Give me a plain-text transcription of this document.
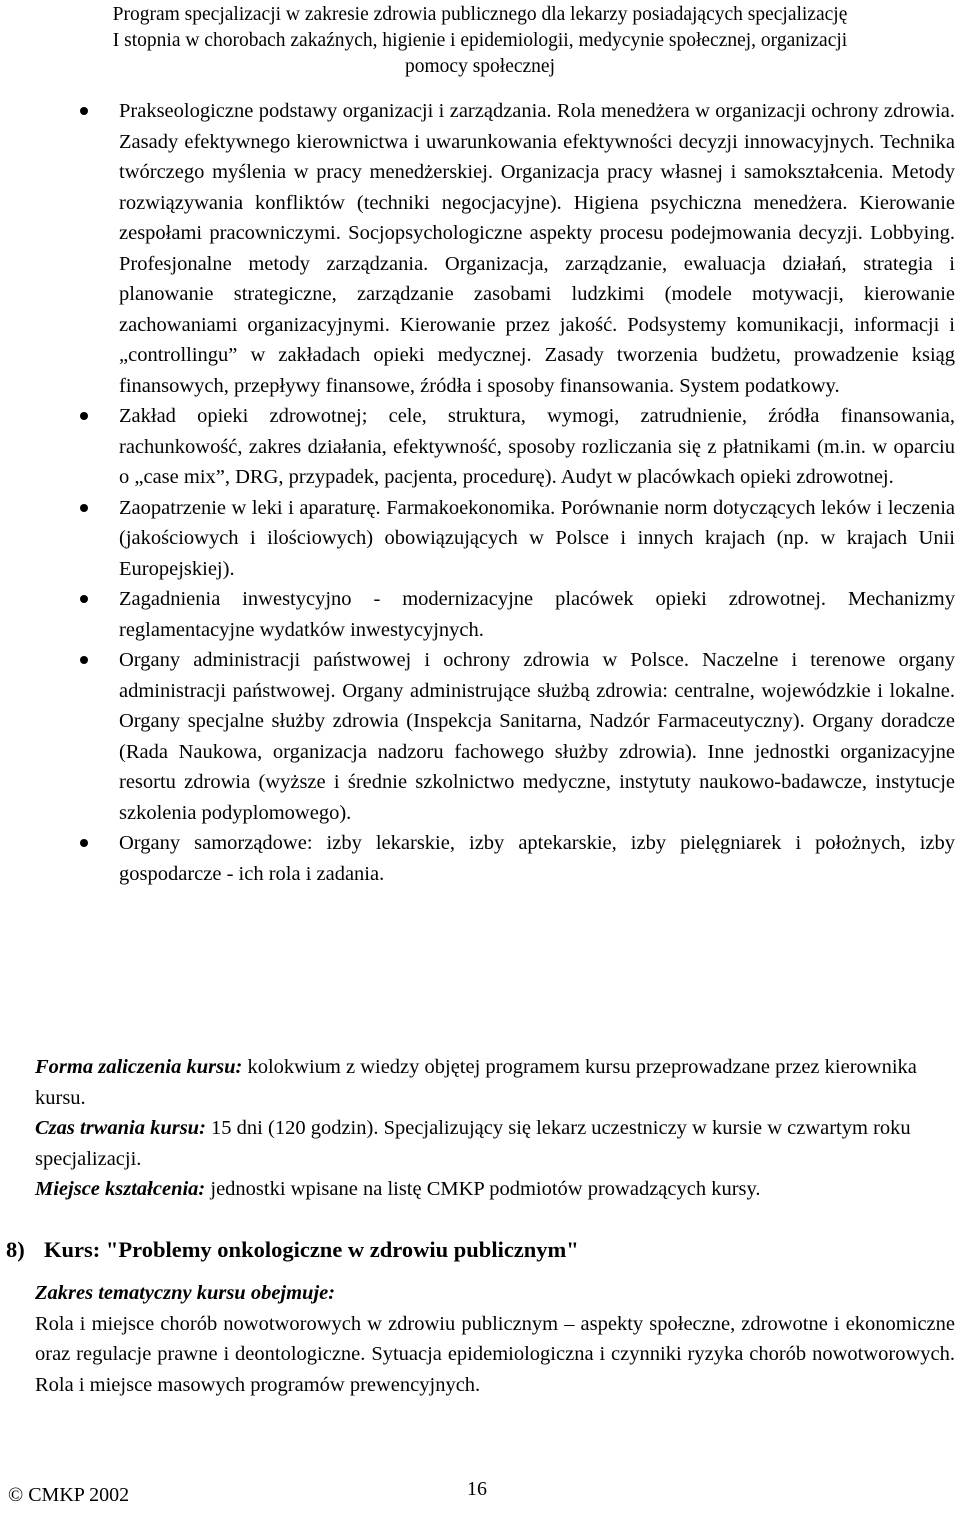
Program specjalizacji w zakresie zdrowia publicznego dla lekarzy posiadających specjalizację
I stopnia w chorobach zakaźnych, higienie i epidemiologii, medycynie społecznej, organizacji
pomocy społecznej
Prakseologiczne podstawy organizacji i zarządzania. Rola menedżera w organizacji ochrony zdrowia. Zasady efektywnego kierownictwa i uwarunkowania efektywności decyzji innowacyjnych. Technika twórczego myślenia w pracy menedżerskiej. Organizacja pracy własnej i samokształcenia. Metody rozwiązywania konfliktów (techniki negocjacyjne). Higiena psychiczna menedżera. Kierowanie zespołami pracowniczymi. Socjopsychologiczne aspekty procesu podejmowania decyzji. Lobbying. Profesjonalne metody zarządzania. Organizacja, zarządzanie, ewaluacja działań, strategia i planowanie strategiczne, zarządzanie zasobami ludzkimi (modele motywacji, kierowanie zachowaniami organizacyjnymi. Kierowanie przez jakość. Podsystemy komunikacji, informacji i „controllingu” w zakładach opieki medycznej. Zasady tworzenia budżetu, prowadzenie ksiąg finansowych, przepływy finansowe, źródła i sposoby finansowania. System podatkowy.
Zakład opieki zdrowotnej; cele, struktura, wymogi, zatrudnienie, źródła finansowania, rachunkowość, zakres działania, efektywność, sposoby rozliczania się z płatnikami (m.in. w oparciu o „case mix”, DRG, przypadek, pacjenta, procedurę). Audyt w placówkach opieki zdrowotnej.
Zaopatrzenie w leki i aparaturę. Farmakoekonomika. Porównanie norm dotyczących leków i leczenia (jakościowych i ilościowych) obowiązujących w Polsce i innych krajach (np. w krajach Unii Europejskiej).
Zagadnienia inwestycyjno - modernizacyjne placówek opieki zdrowotnej. Mechanizmy reglamentacyjne wydatków inwestycyjnych.
Organy administracji państwowej i ochrony zdrowia w Polsce. Naczelne i terenowe organy administracji państwowej. Organy administrujące służbą zdrowia: centralne, wojewódzkie i lokalne. Organy specjalne służby zdrowia (Inspekcja Sanitarna, Nadzór Farmaceutyczny). Organy doradcze (Rada Naukowa, organizacja nadzoru fachowego służby zdrowia). Inne jednostki organizacyjne resortu zdrowia (wyższe i średnie szkolnictwo medyczne, instytuty naukowo-badawcze, instytucje szkolenia podyplomowego).
Organy samorządowe: izby lekarskie, izby aptekarskie, izby pielęgniarek i położnych, izby gospodarcze - ich rola i zadania.
Forma zaliczenia kursu: kolokwium z wiedzy objętej programem kursu przeprowadzane przez kierownika kursu.
Czas trwania kursu: 15 dni (120 godzin). Specjalizujący się lekarz uczestniczy w kursie w czwartym roku specjalizacji.
Miejsce kształcenia: jednostki wpisane na listę CMKP podmiotów prowadzących kursy.
8) Kurs: "Problemy onkologiczne w zdrowiu publicznym"
Zakres tematyczny kursu obejmuje:
Rola i miejsce chorób nowotworowych w zdrowiu publicznym – aspekty społeczne, zdrowotne i ekonomiczne oraz regulacje prawne i deontologiczne. Sytuacja epidemiologiczna i czynniki ryzyka chorób nowotworowych. Rola i miejsce masowych programów prewencyjnych.
© CMKP 2002	16
